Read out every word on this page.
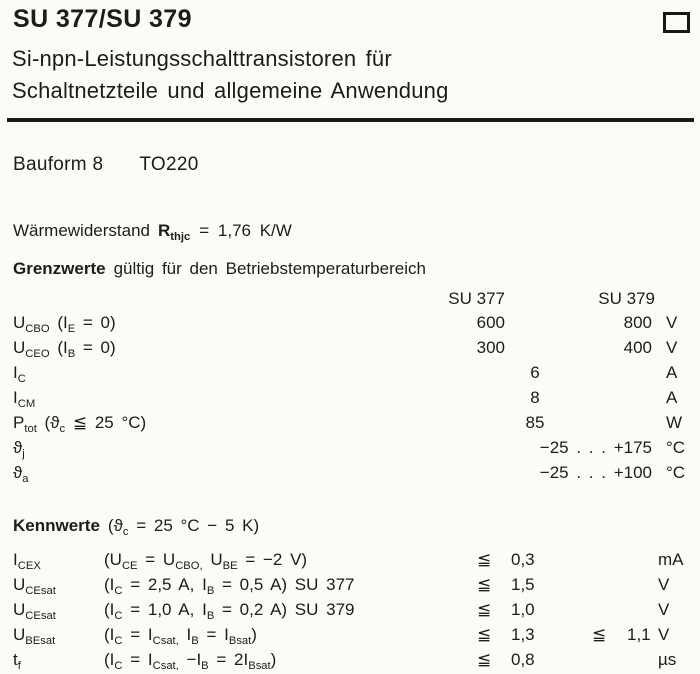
SU 377/SU 379
Si-npn-Leistungsschalttransistoren für
Schaltnetzteile und allgemeine Anwendung
Bauform 8 TO220
Wärmewiderstand $R_{thjc} = 1,76$ K/W
Grenzwerte gültig für den Betriebstemperaturbereich
SU 377	SU 379
$U_{CBO}$ $(I_E = 0)$	600	800 V
$U_{CEO}$ $(I_B = 0)$	300	400 V
$I_C$	6	A
$I_{CM}$	8	A
$P_{tot}$ ($ϑ_c$ ≦ 25 °C)	85	W
$ϑ_j$	−25 . . . +175 °C
$ϑ_a$	−25 . . . +100 °C
Kennwerte ($ϑ_c = 25$ °C − 5 K)
$I_{CEX}$	($U_{CE} = U_{CBO,}$ $U_{BE} = -2$ V)	≦ 0,3	mA
$U_{CEsat}$	($I_C = 2,5$ A, $I_B = 0,5$ A) SU 377	≦ 1,5	V
$U_{CEsat}$	($I_C = 1,0$ A, $I_B = 0,2$ A) SU 379	≦ 1,0	V
$U_{BEsat}$	($I_C = I_{Csat,}$ $I_B = I_{Bsat}$)	≦ 1,3	≦ 1,1 V
$t_f$	$(I_C = I_{Csat,} -I_B = 2I_{Bsat})$	≦ 0,8	µs
